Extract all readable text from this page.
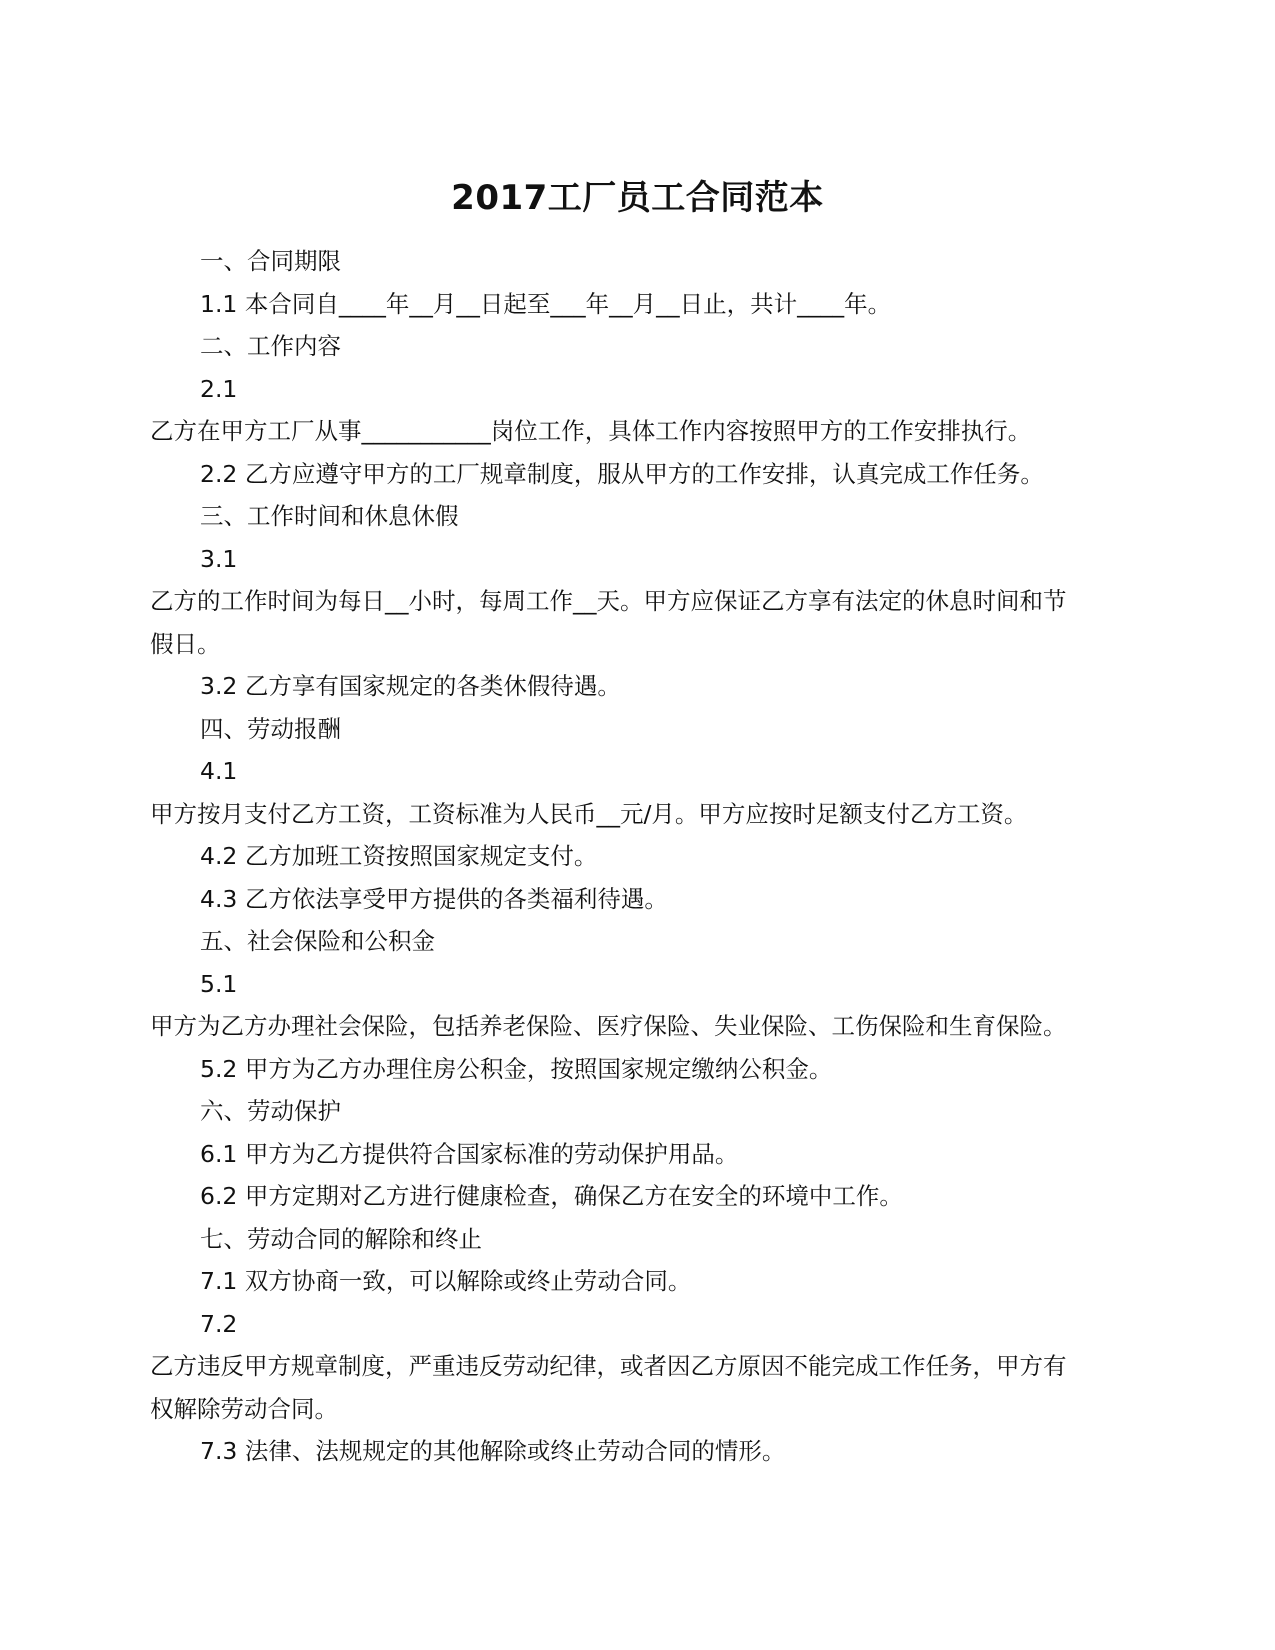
2017工厂员工合同范本
一、合同期限
1.1 本合同自____年__月__日起至___年__月__日止，共计____年。
二、工作内容
2.1
乙方在甲方工厂从事___________岗位工作，具体工作内容按照甲方的工作安排执行。
2.2 乙方应遵守甲方的工厂规章制度，服从甲方的工作安排，认真完成工作任务。
三、工作时间和休息休假
3.1
乙方的工作时间为每日__小时，每周工作__天。甲方应保证乙方享有法定的休息时间和节
假日。
3.2 乙方享有国家规定的各类休假待遇。
四、劳动报酬
4.1
甲方按月支付乙方工资，工资标准为人民币__元/月。甲方应按时足额支付乙方工资。
4.2 乙方加班工资按照国家规定支付。
4.3 乙方依法享受甲方提供的各类福利待遇。
五、社会保险和公积金
5.1
甲方为乙方办理社会保险，包括养老保险、医疗保险、失业保险、工伤保险和生育保险。
5.2 甲方为乙方办理住房公积金，按照国家规定缴纳公积金。
六、劳动保护
6.1 甲方为乙方提供符合国家标准的劳动保护用品。
6.2 甲方定期对乙方进行健康检查，确保乙方在安全的环境中工作。
七、劳动合同的解除和终止
7.1 双方协商一致，可以解除或终止劳动合同。
7.2
乙方违反甲方规章制度，严重违反劳动纪律，或者因乙方原因不能完成工作任务，甲方有
权解除劳动合同。
7.3 法律、法规规定的其他解除或终止劳动合同的情形。
